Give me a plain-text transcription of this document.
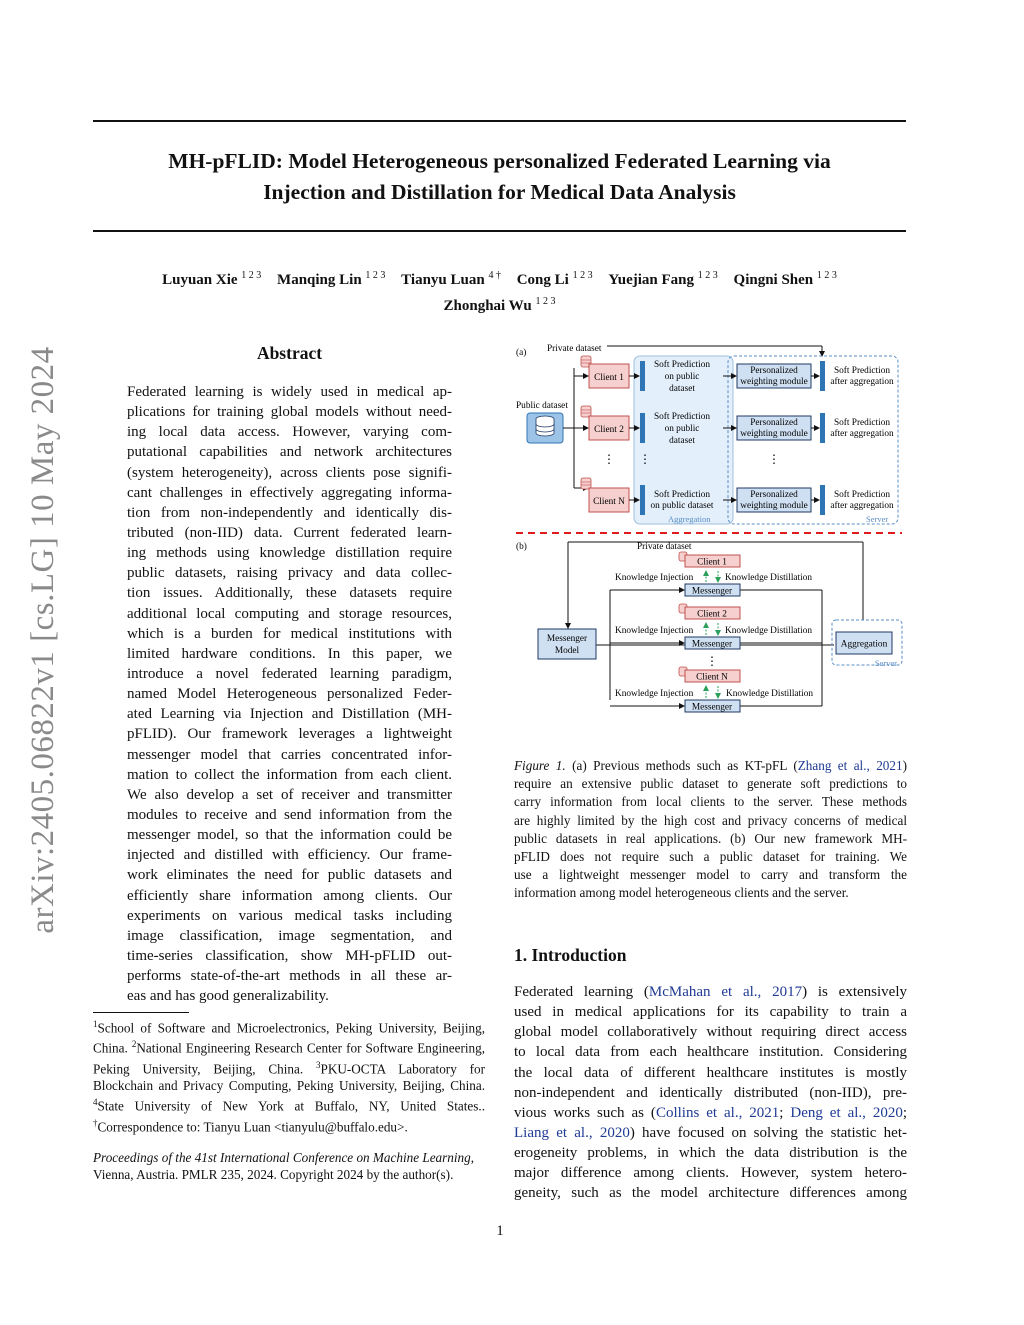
MH-pFLID: Model Heterogeneous personalized Federated Learning via
Injection and Distillation for Medical Data Analysis
Luyuan Xie $^{1 2 3}$ Manqing Lin $^{1 2 3}$ Tianyu Luan $^{4 \dagger}$ Cong Li $^{1 2 3}$ Yuejian Fang $^{1 2 3}$ Qingni Shen $^{1 2 3}$
Zhonghai Wu $^{1 2 3}$
arXiv:2405.06822v1 [cs.LG] 10 May 2024	Abstract
Federated learning is widely used in medical ap-
plications for training global models without need-
ing local data access. However, varying com-
putational capabilities and network architectures
(system heterogeneity), across clients pose signifi-
cant challenges in effectively aggregating informa-
tion from non-independently and identically dis-
tributed (non-IID) data. Current federated learn-
ing methods using knowledge distillation require
public datasets, raising privacy and data collec-
tion issues. Additionally, these datasets require
additional local computing and storage resources,
which is a burden for medical institutions with
limited hardware conditions. In this paper, we
introduce a novel federated learning paradigm,
named Model Heterogeneous personalized Feder-
ated Learning via Injection and Distillation (MH-
pFLID). Our framework leverages a lightweight
messenger model that carries concentrated infor-
mation to collect the information from each client.
We also develop a set of receiver and transmitter
modules to receive and send information from the
messenger model, so that the information could be
injected and distilled with efficiency. Our frame-
work eliminates the need for public datasets and
efficiently share information among clients. Our
experiments on various medical tasks including
image classification, image segmentation, and
time-series classification, show MH-pFLID out-
performs state-of-the-art methods in all these ar-
eas and has good generalizability.
$^1$School of Software and Microelectronics, Peking University, Beijing, China. $^2$National Engineering Research Center for Software Engineering, Peking University, Beijing, China. $^3$PKU-OCTA Laboratory for Blockchain and Privacy Computing, Peking University, Beijing, China. $^4$State University of New York at Buffalo, NY, United States.. †Correspondence to: Tianyu Luan <tianyulu@buffalo.edu>.
Proceedings of the 41st International Conference on Machine Learning, Vienna, Austria. PMLR 235, 2024. Copyright 2024 by the author(s).
(a) Private dataset
Aggregation	Server
Public dataset
Client 1
Soft Prediction
on public
dataset
Personalized
weighting module
Soft Prediction
after aggregation
Client 2
Soft Prediction
on public
dataset
Personalized
weighting module
Soft Prediction
after aggregation
⋮ ⋮	⋮
Client N
Soft Prediction
on public dataset
Personalized
weighting module
Soft Prediction
after aggregation
(b)	Private dataset
Client 1
Knowledge Injection	Knowledge Distillation
Messenger
Client 2
Knowledge Injection	Knowledge Distillation
Messenger
⋮
Client N
Knowledge Injection	Knowledge Distillation
Messenger
Messenger
Model
Server
Aggregation
Figure 1. (a) Previous methods such as KT-pFL (Zhang et al., 2021)
require an extensive public dataset to generate soft predictions to
carry information from local clients to the server. These methods
are highly limited by the high cost and privacy concerns of medical
public datasets in real applications. (b) Our new framework MH-
pFLID does not require such a public dataset for training. We
use a lightweight messenger model to carry and transform the
information among model heterogeneous clients and the server.
1. Introduction
Federated learning (McMahan et al., 2017) is extensively
used in medical applications for its capability to train a
global model collaboratively without requiring direct access
to local data from each healthcare institution. Considering
the local data of different healthcare institutes is mostly
non-independent and identically distributed (non-IID), pre-
vious works such as (Collins et al., 2021; Deng et al., 2020;
Liang et al., 2020) have focused on solving the statistic het-
erogeneity problems, in which the data distribution is the
major difference among clients. However, system hetero-
geneity, such as the model architecture differences among
1
